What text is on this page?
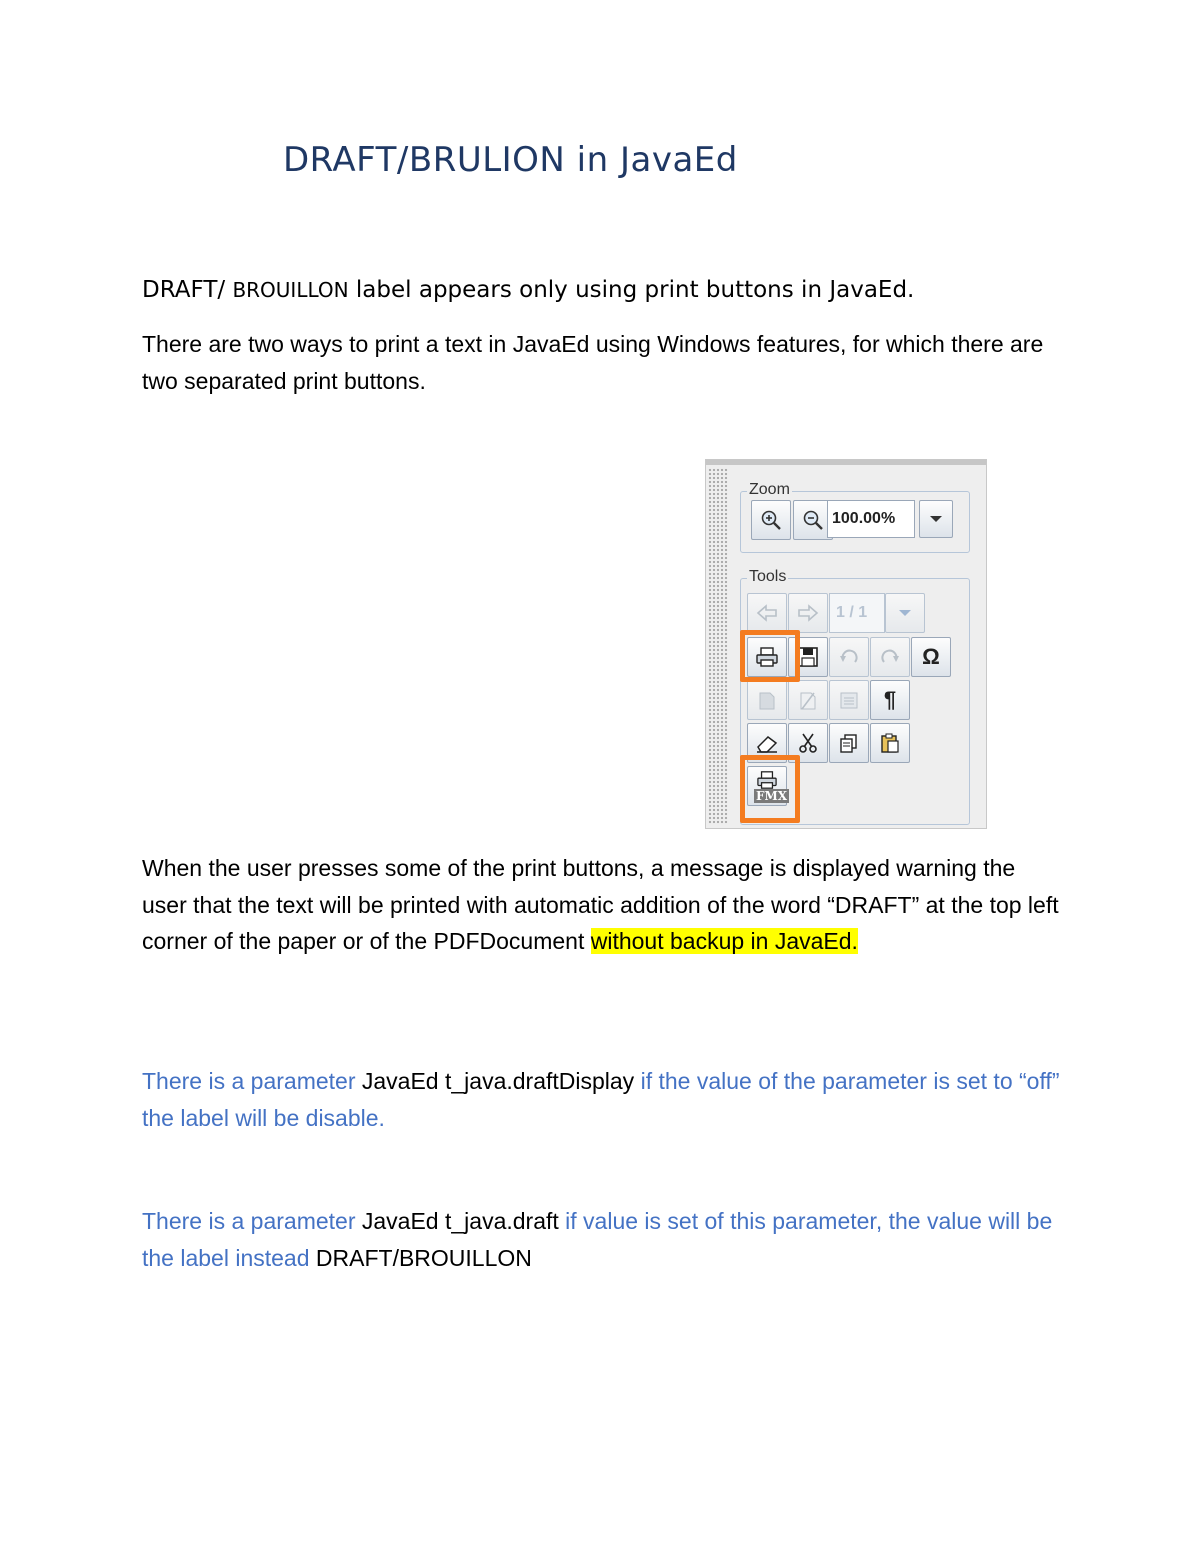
DRAFT/BRULION in JavaEd
DRAFT/ BROUILLON label appears only using print buttons in JavaEd.
There are two ways to print a text in JavaEd using Windows features, for which there are two separated print buttons.
Zoom
100.00%
Tools
1 / 1
Ω
¶
FMX
When the user presses some of the print buttons, a message is displayed warning the user that the text will be printed with automatic addition of the word “DRAFT” at the top left corner of the paper or of the PDFDocument without backup in JavaEd.
There is a parameter JavaEd t_java.draftDisplay if the value of the parameter is set to “off” the label will be disable.
There is a parameter JavaEd t_java.draft if value is set of this parameter, the value will be the label instead DRAFT/BROUILLON
